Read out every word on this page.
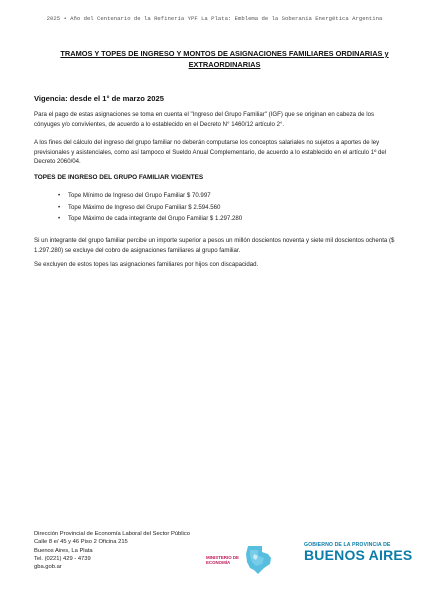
2025 • Año del Centenario de la Refinería YPF La Plata: Emblema de la Soberanía Energética Argentina
TRAMOS Y TOPES DE INGRESO Y MONTOS DE ASIGNACIONES FAMILIARES ORDINARIAS y EXTRAORDINARIAS
Vigencia: desde el 1° de marzo 2025

Para el pago de estas asignaciones se toma en cuenta el "Ingreso del Grupo Familiar" (IGF) que se originan en cabeza de los cónyuges y/o convivientes, de acuerdo a lo establecido en el Decreto N° 1460/12 artículo 2°.

A los fines del cálculo del ingreso del grupo familiar no deberán computarse los conceptos salariales no sujetos a aportes de ley previsionales y asistenciales, como así tampoco el Sueldo Anual Complementario, de acuerdo a lo establecido en el artículo 1º del Decreto 2060/04.

TOPES DE INGRESO DEL GRUPO FAMILIAR VIGENTES
• Tope Mínimo de Ingreso del Grupo Familiar $ 70.997
• Tope Máximo de Ingreso del Grupo Familiar $ 2.594.560
• Tope Máximo de cada integrante del Grupo Familiar $ 1.297.280

Si un integrante del grupo familiar percibe un importe superior a pesos un millón doscientos noventa y siete mil doscientos ochenta ($ 1.297.280) se excluye del cobro de asignaciones familiares al grupo familiar.

Se excluyen de estos topes las asignaciones familiares por hijos con discapacidad.

Dirección Provincial de Economía Laboral del Sector Público
Calle 8 e/ 45 y 46 Piso 2 Oficina 215
Buenos Aires, La Plata
Tel. (0221) 429 - 4739
gba.gob.ar
MINISTERIO DE
ECONOMÍA
GOBIERNO DE LA PROVINCIA DE
BUENOS AIRES
